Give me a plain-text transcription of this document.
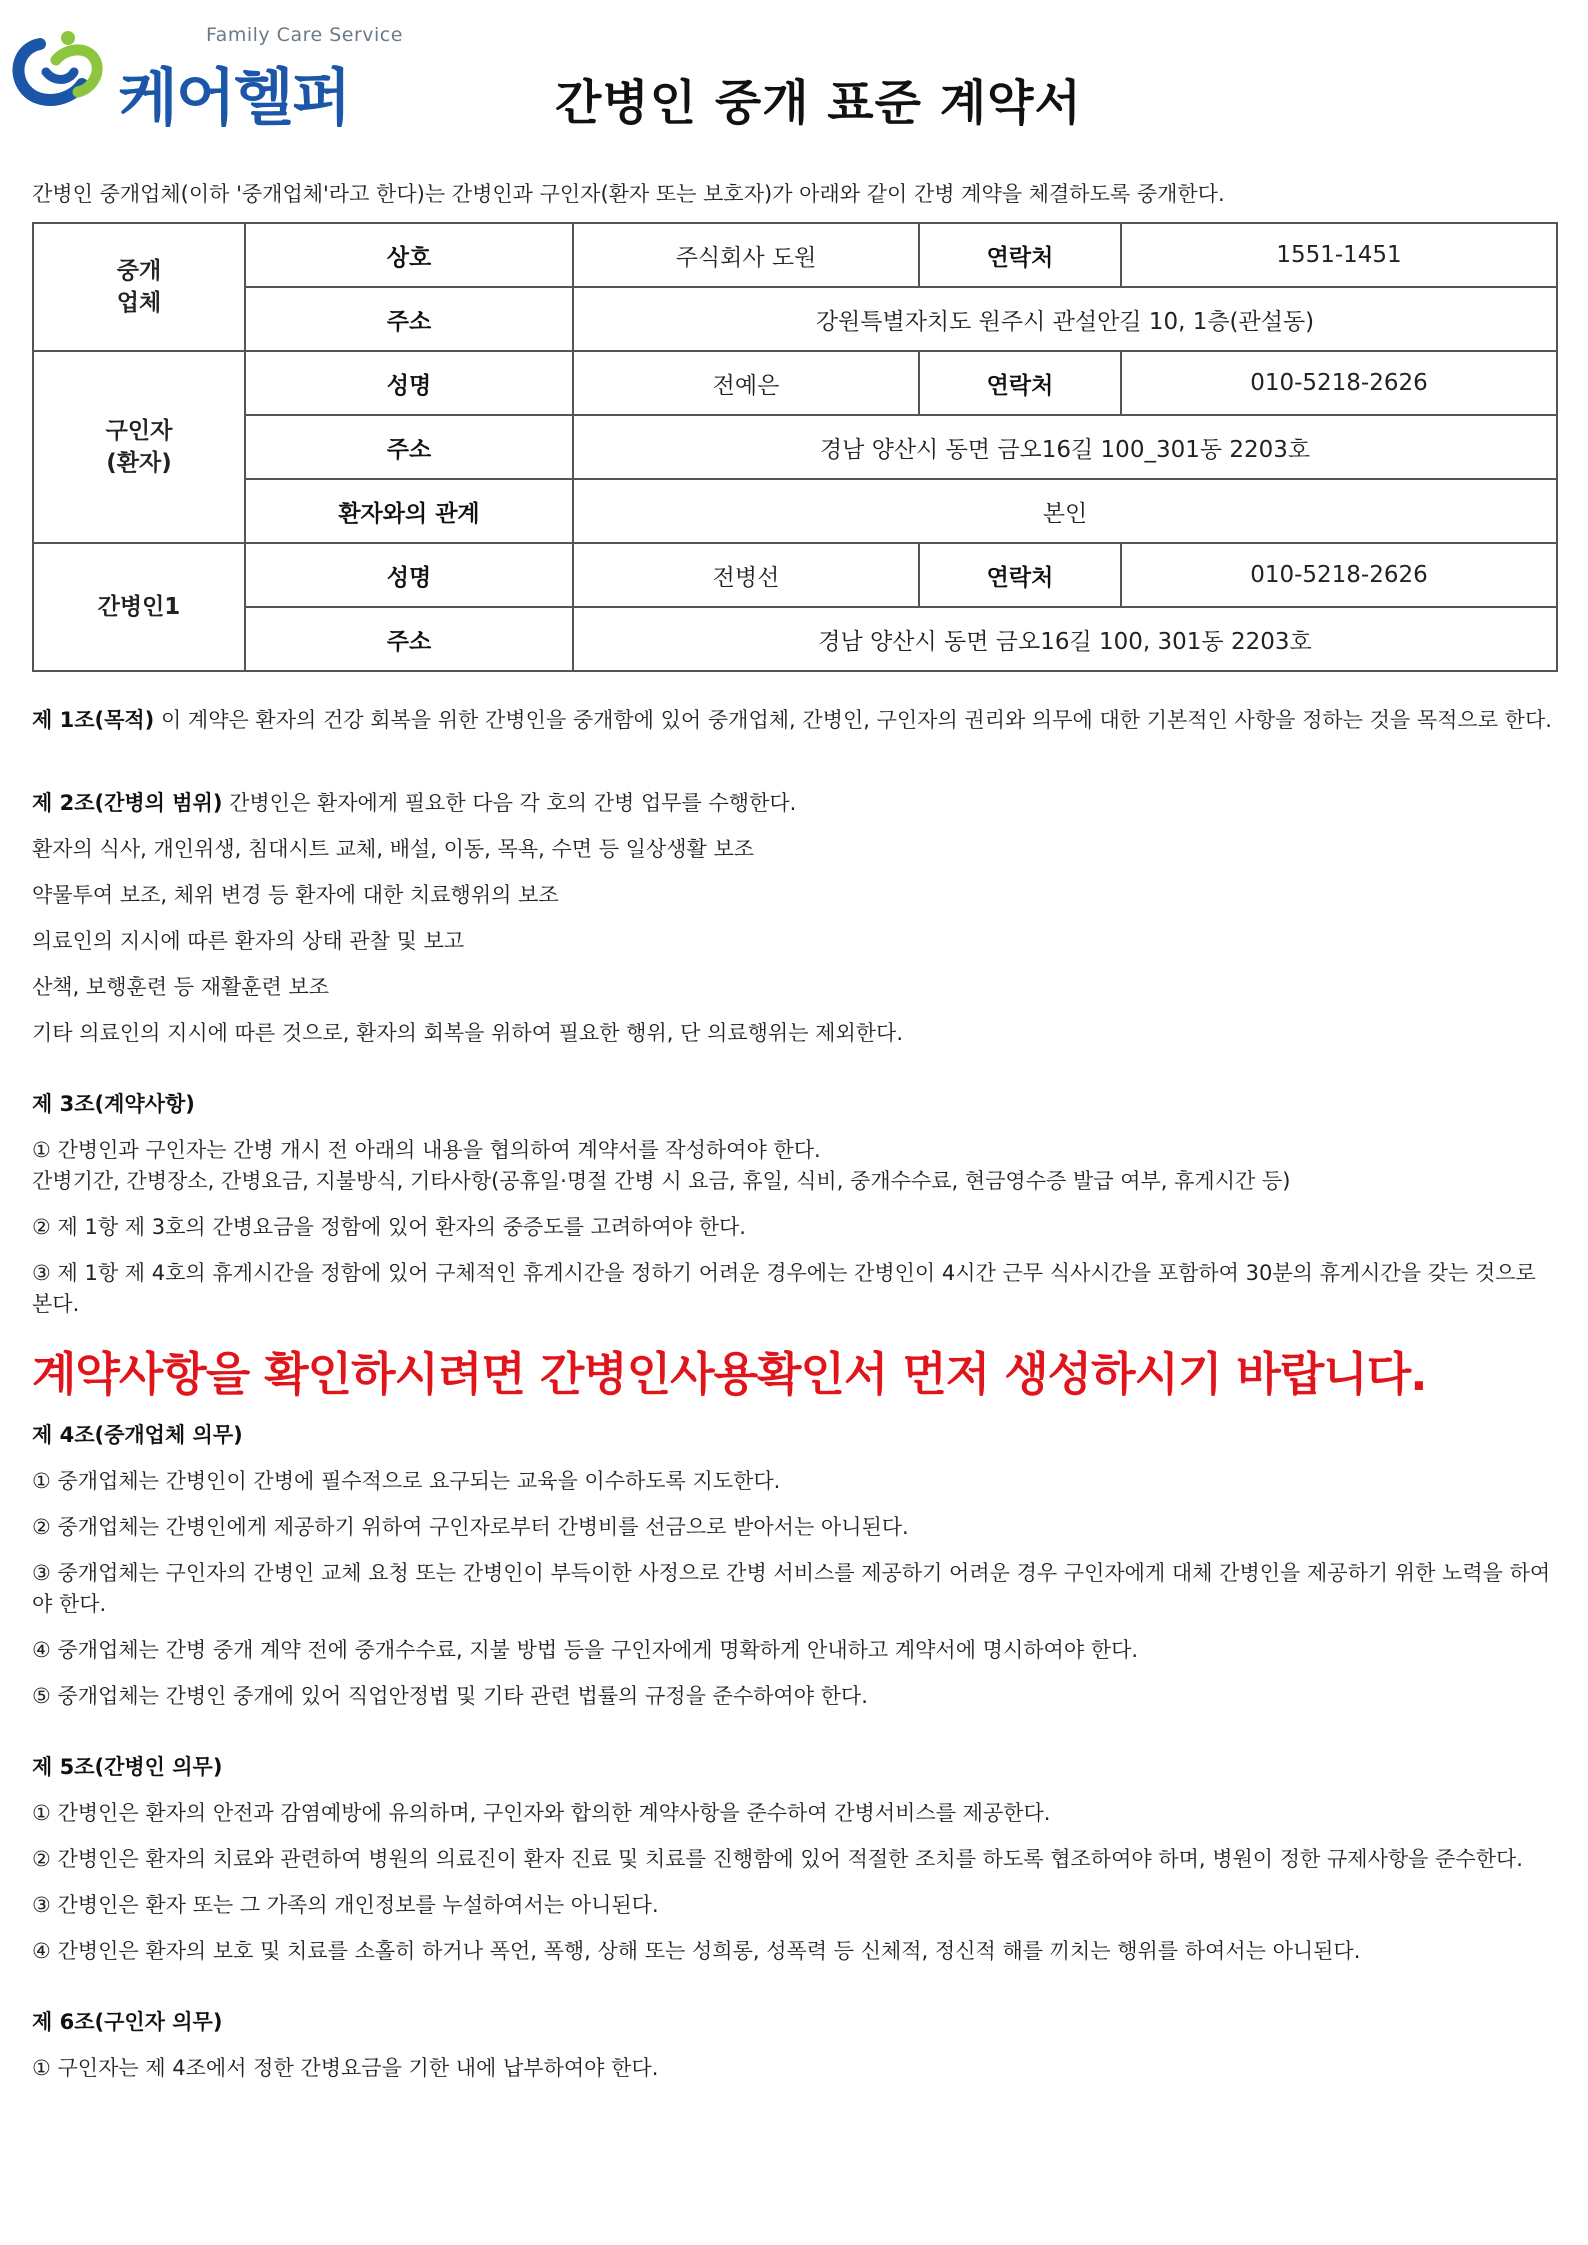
Family Care Service
케어헬퍼	간병인 중개 표준 계약서
간병인 중개업체(이하 '중개업체'라고 한다)는 간병인과 구인자(환자 또는 보호자)가 아래와 같이 간병 계약을 체결하도록 중개한다.
중개
업체	상호	주식회사 도원	연락처	1551-1451
	주소	강원특별자치도 원주시 관설안길 10, 1층(관설동)		
구인자
(환자)	성명	전예은	연락처	010-5218-2626
	주소	경남 양산시 동면 금오16길 100_301동 2203호		
	환자와의 관계	본인		
간병인1	성명	전병선	연락처	010-5218-2626
	주소	경남 양산시 동면 금오16길 100, 301동 2203호		

제 1조(목적) 이 계약은 환자의 건강 회복을 위한 간병인을 중개함에 있어 중개업체, 간병인, 구인자의 권리와 의무에 대한 기본적인 사항을 정하는 것을 목적으로 한다.

제 2조(간병의 범위) 간병인은 환자에게 필요한 다음 각 호의 간병 업무를 수행한다.

환자의 식사, 개인위생, 침대시트 교체, 배설, 이동, 목욕, 수면 등 일상생활 보조

약물투여 보조, 체위 변경 등 환자에 대한 치료행위의 보조

의료인의 지시에 따른 환자의 상태 관찰 및 보고

산책, 보행훈련 등 재활훈련 보조

기타 의료인의 지시에 따른 것으로, 환자의 회복을 위하여 필요한 행위, 단 의료행위는 제외한다.

제 3조(계약사항)

① 간병인과 구인자는 간병 개시 전 아래의 내용을 협의하여 계약서를 작성하여야 한다.

간병기간, 간병장소, 간병요금, 지불방식, 기타사항(공휴일·명절 간병 시 요금, 휴일, 식비, 중개수수료, 현금영수증 발급 여부, 휴게시간 등)

② 제 1항 제 3호의 간병요금을 정함에 있어 환자의 중증도를 고려하여야 한다.

③ 제 1항 제 4호의 휴게시간을 정함에 있어 구체적인 휴게시간을 정하기 어려운 경우에는 간병인이 4시간 근무 식사시간을 포함하여 30분의 휴게시간을 갖는 것으로 본다.

계약사항을 확인하시려면 간병인사용확인서 먼저 생성하시기 바랍니다.

제 4조(중개업체 의무)

① 중개업체는 간병인이 간병에 필수적으로 요구되는 교육을 이수하도록 지도한다.

② 중개업체는 간병인에게 제공하기 위하여 구인자로부터 간병비를 선금으로 받아서는 아니된다.

③ 중개업체는 구인자의 간병인 교체 요청 또는 간병인이 부득이한 사정으로 간병 서비스를 제공하기 어려운 경우 구인자에게 대체 간병인을 제공하기 위한 노력을 하여야 한다.

④ 중개업체는 간병 중개 계약 전에 중개수수료, 지불 방법 등을 구인자에게 명확하게 안내하고 계약서에 명시하여야 한다.

⑤ 중개업체는 간병인 중개에 있어 직업안정법 및 기타 관련 법률의 규정을 준수하여야 한다.

제 5조(간병인 의무)

① 간병인은 환자의 안전과 감염예방에 유의하며, 구인자와 합의한 계약사항을 준수하여 간병서비스를 제공한다.

② 간병인은 환자의 치료와 관련하여 병원의 의료진이 환자 진료 및 치료를 진행함에 있어 적절한 조치를 하도록 협조하여야 하며, 병원이 정한 규제사항을 준수한다.

③ 간병인은 환자 또는 그 가족의 개인정보를 누설하여서는 아니된다.

④ 간병인은 환자의 보호 및 치료를 소홀히 하거나 폭언, 폭행, 상해 또는 성희롱, 성폭력 등 신체적, 정신적 해를 끼치는 행위를 하여서는 아니된다.

제 6조(구인자 의무)

① 구인자는 제 4조에서 정한 간병요금을 기한 내에 납부하여야 한다.
